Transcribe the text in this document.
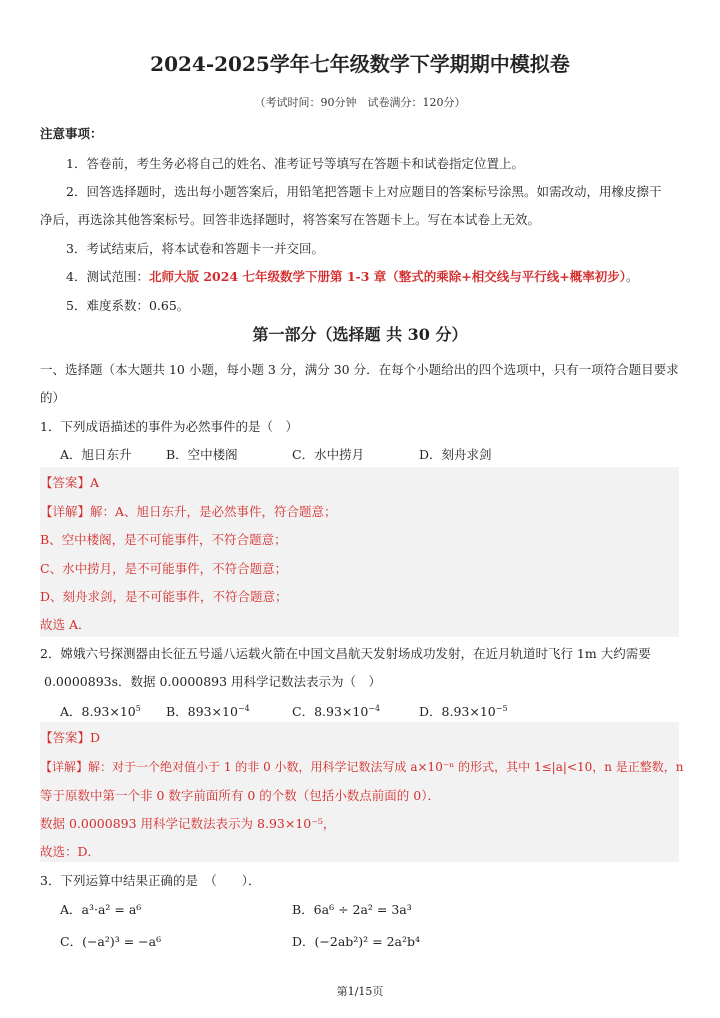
2024-2025学年七年级数学下学期期中模拟卷
（考试时间：90分钟　试卷满分：120分）
注意事项：
1．答卷前，考生务必将自己的姓名、准考证号等填写在答题卡和试卷指定位置上。
2．回答选择题时，选出每小题答案后，用铅笔把答题卡上对应题目的答案标号涂黑。如需改动，用橡皮擦干
净后，再选涂其他答案标号。回答非选择题时，将答案写在答题卡上。写在本试卷上无效。
3．考试结束后，将本试卷和答题卡一并交回。
4．测试范围：北师大版 2024 七年级数学下册第 1-3 章（整式的乘除+相交线与平行线+概率初步）。
5．难度系数：0.65。
第一部分（选择题 共 30 分）
一、选择题（本大题共 10 小题，每小题 3 分，满分 30 分．在每个小题给出的四个选项中，只有一项符合题目要求
的）
1．下列成语描述的事件为必然事件的是（　）
A．旭日东升	B．空中楼阁	C．水中捞月	D．刻舟求剑
【答案】A
【详解】解：A、旭日东升，是必然事件，符合题意；
B、空中楼阁，是不可能事件，不符合题意；
C、水中捞月，是不可能事件，不符合题意；
D、刻舟求剑，是不可能事件，不符合题意；
故选 A．
2．嫦娥六号探测器由长征五号遥八运载火箭在中国文昌航天发射场成功发射，在近月轨道时飞行 1m 大约需要
0.0000893s．数据 0.0000893 用科学记数法表示为（　）
A．$8.93\times 10^5$ B．$893\times 10^{-4}$	C．$8.93\times 10^{-4}$	D．$8.93\times 10^{-5}$
【答案】D
【详解】解：对于一个绝对值小于 1 的非 0 小数，用科学记数法写成 a×10⁻ⁿ 的形式，其中 1≤|a|<10，n 是正整数，n
等于原数中第一个非 0 数字前面所有 0 的个数（包括小数点前面的 0）．
数据 0.0000893 用科学记数法表示为 8.93×10⁻⁵，
故选：D．
3．下列运算中结果正确的是　（　　）．
A．a³·a² = a⁶	B．6a⁶ ÷ 2a² = 3a³
C．(−a²)³ = −a⁶	D．(−2ab²)² = 2a²b⁴
第1/15页
